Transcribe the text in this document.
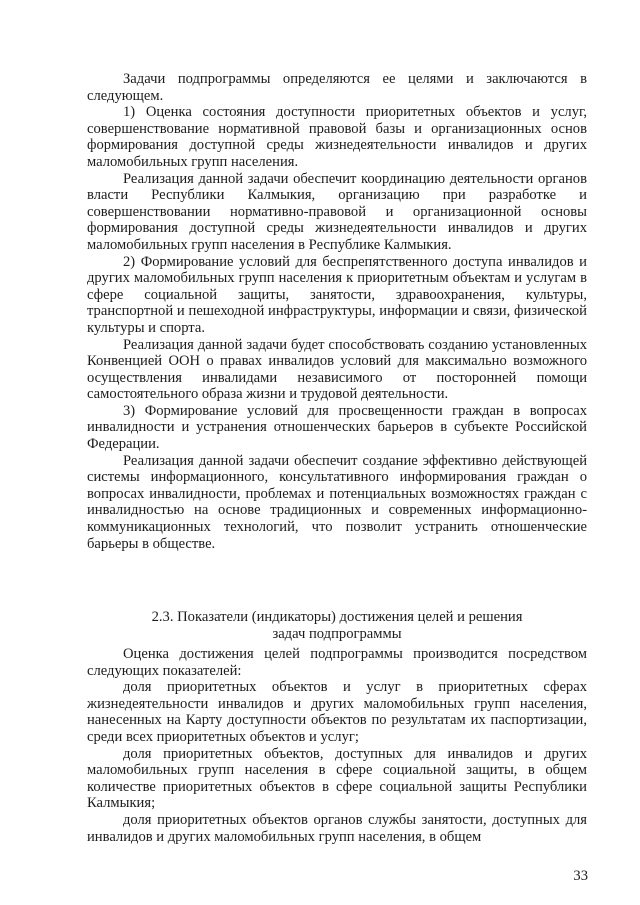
Задачи подпрограммы определяются ее целями и заключаются в следующем.

1) Оценка состояния доступности приоритетных объектов и услуг, совершенствование нормативной правовой базы и организационных основ формирования доступной среды жизнедеятельности инвалидов и других маломобильных групп населения.

Реализация данной задачи обеспечит координацию деятельности органов власти Республики Калмыкия, организацию при разработке и совершенствовании нормативно-правовой и организационной основы формирования доступной среды жизнедеятельности инвалидов и других маломобильных групп населения в Республике Калмыкия.

2) Формирование условий для беспрепятственного доступа инвалидов и других маломобильных групп населения к приоритетным объектам и услугам в сфере социальной защиты, занятости, здравоохранения, культуры, транспортной и пешеходной инфраструктуры, информации и связи, физической культуры и спорта.

Реализация данной задачи будет способствовать созданию установленных Конвенцией ООН о правах инвалидов условий для максимально возможного осуществления инвалидами независимого от посторонней помощи самостоятельного образа жизни и трудовой деятельности.

3) Формирование условий для просвещенности граждан в вопросах инвалидности и устранения отношенческих барьеров в субъекте Российской Федерации.

Реализация данной задачи обеспечит создание эффективно действующей системы информационного, консультативного информирования граждан о вопросах инвалидности, проблемах и потенциальных возможностях граждан с инвалидностью на основе традиционных и современных информационно-коммуникационных технологий, что позволит устранить отношенческие барьеры в обществе.

2.3. Показатели (индикаторы) достижения целей и решения

задач подпрограммы

Оценка достижения целей подпрограммы производится посредством следующих показателей:

доля приоритетных объектов и услуг в приоритетных сферах жизнедеятельности инвалидов и других маломобильных групп населения, нанесенных на Карту доступности объектов по результатам их паспортизации, среди всех приоритетных объектов и услуг;

доля приоритетных объектов, доступных для инвалидов и других маломобильных групп населения в сфере социальной защиты, в общем количестве приоритетных объектов в сфере социальной защиты Республики Калмыкия;

доля приоритетных объектов органов службы занятости, доступных для инвалидов и других маломобильных групп населения, в общем

33
